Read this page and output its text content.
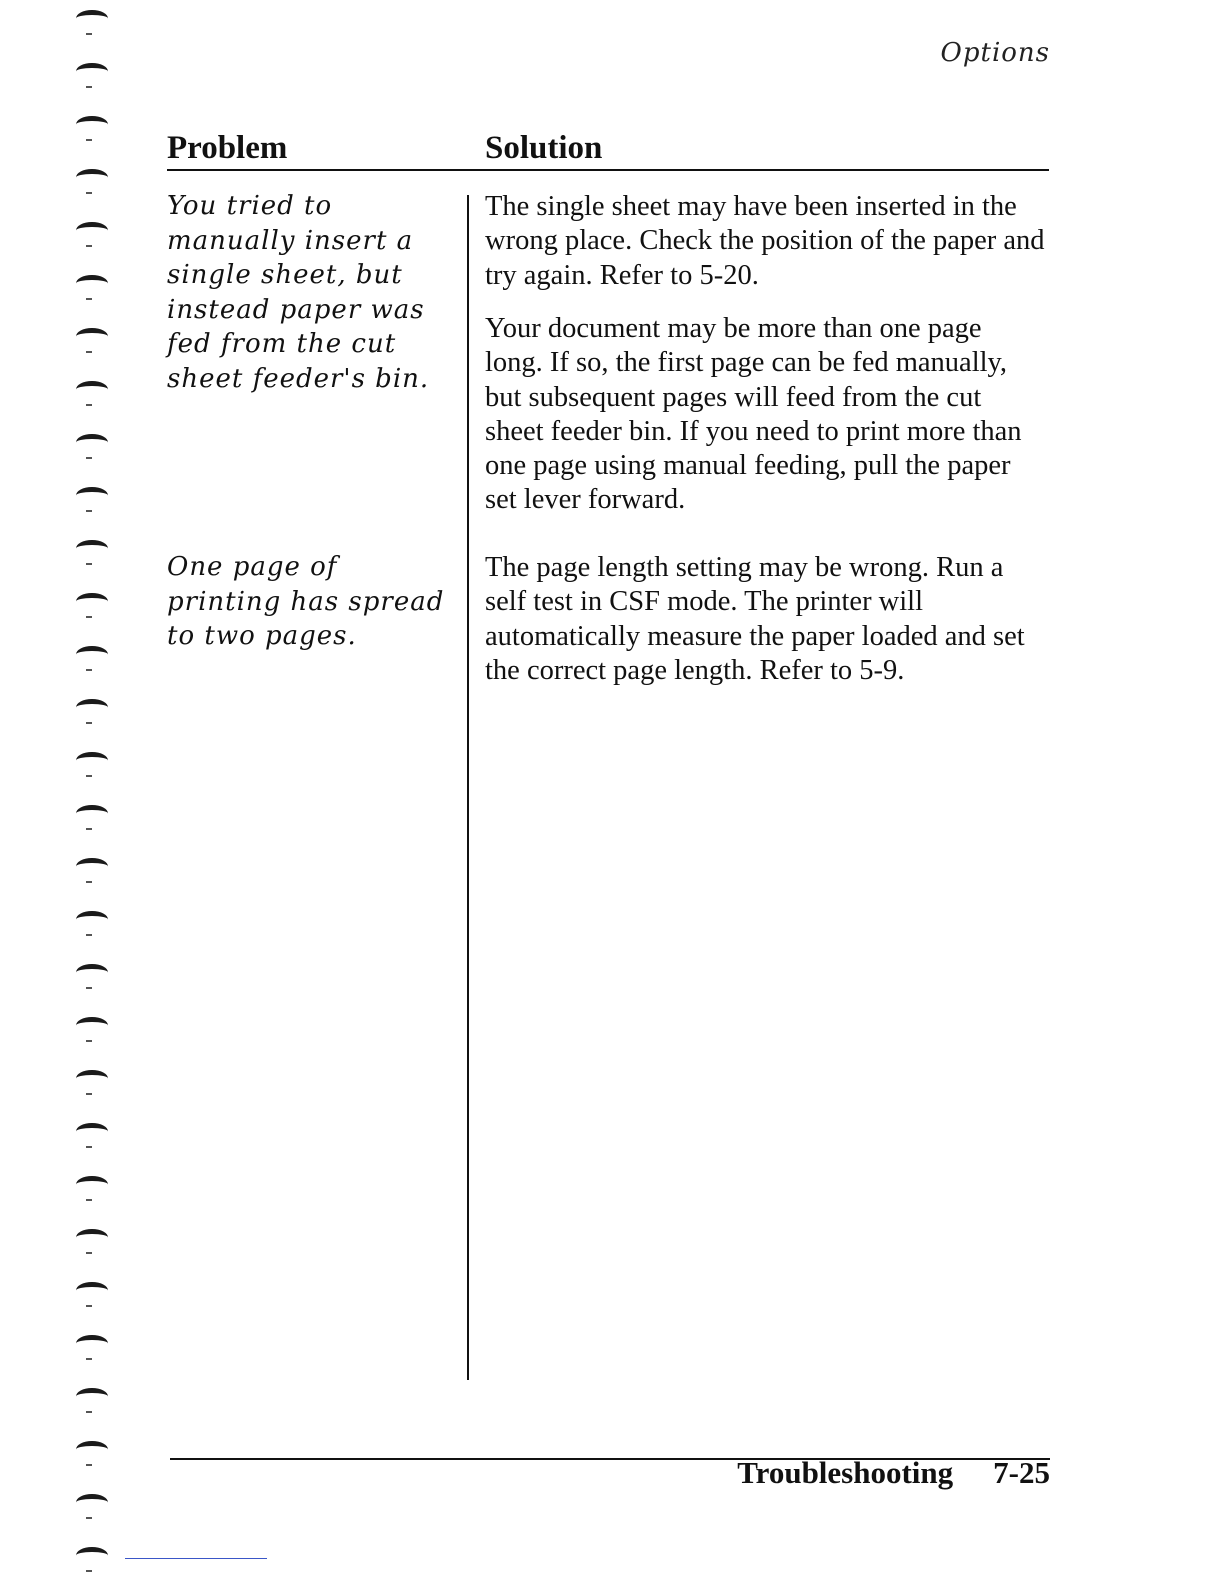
Options
Problem	Solution

You tried to manually insert a single sheet, but instead paper was fed from the cut sheet feeder's bin.

The single sheet may have been inserted in the wrong place. Check the position of the paper and try again. Refer to 5-20.

Your document may be more than one page long. If so, the first page can be fed manually, but subsequent pages will feed from the cut sheet feeder bin. If you need to print more than one page using manual feeding, pull the paper set lever forward.

One page of printing has spread to two pages.

The page length setting may be wrong. Run a self test in CSF mode. The printer will automatically measure the paper loaded and set the correct page length. Refer to 5-9.

Troubleshooting 7-25
